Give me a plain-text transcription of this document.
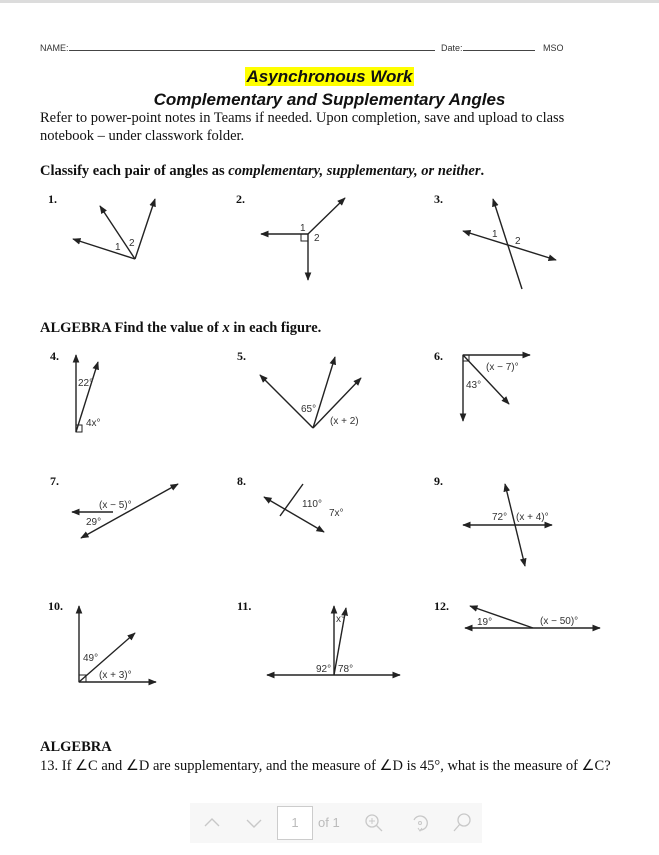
NAME:	Date:	MSO
Asynchronous Work
Complementary and Supplementary Angles
Refer to power-point notes in Teams if needed. Upon completion, save and upload to class notebook – under classwork folder.
Classify each pair of angles as complementary, supplementary, or neither.
1.	2.	3.
1 2
1
2	1
2
22°
4x°
65°
(x + 2)
(x − 7)°
43°
(x − 5)°
29°
110°
7x°	72° (x + 4)°
49°
(x + 3)°
x°
92° 78°
19°	(x − 50)°
ALGEBRA Find the value of x in each figure.
4.	5.	6.
7.	8.	9.
10.	11.	12.
ALGEBRA
13. If ∠C and ∠D are supplementary, and the measure of ∠D is 45°, what is the measure of ∠C?
1	of 1
